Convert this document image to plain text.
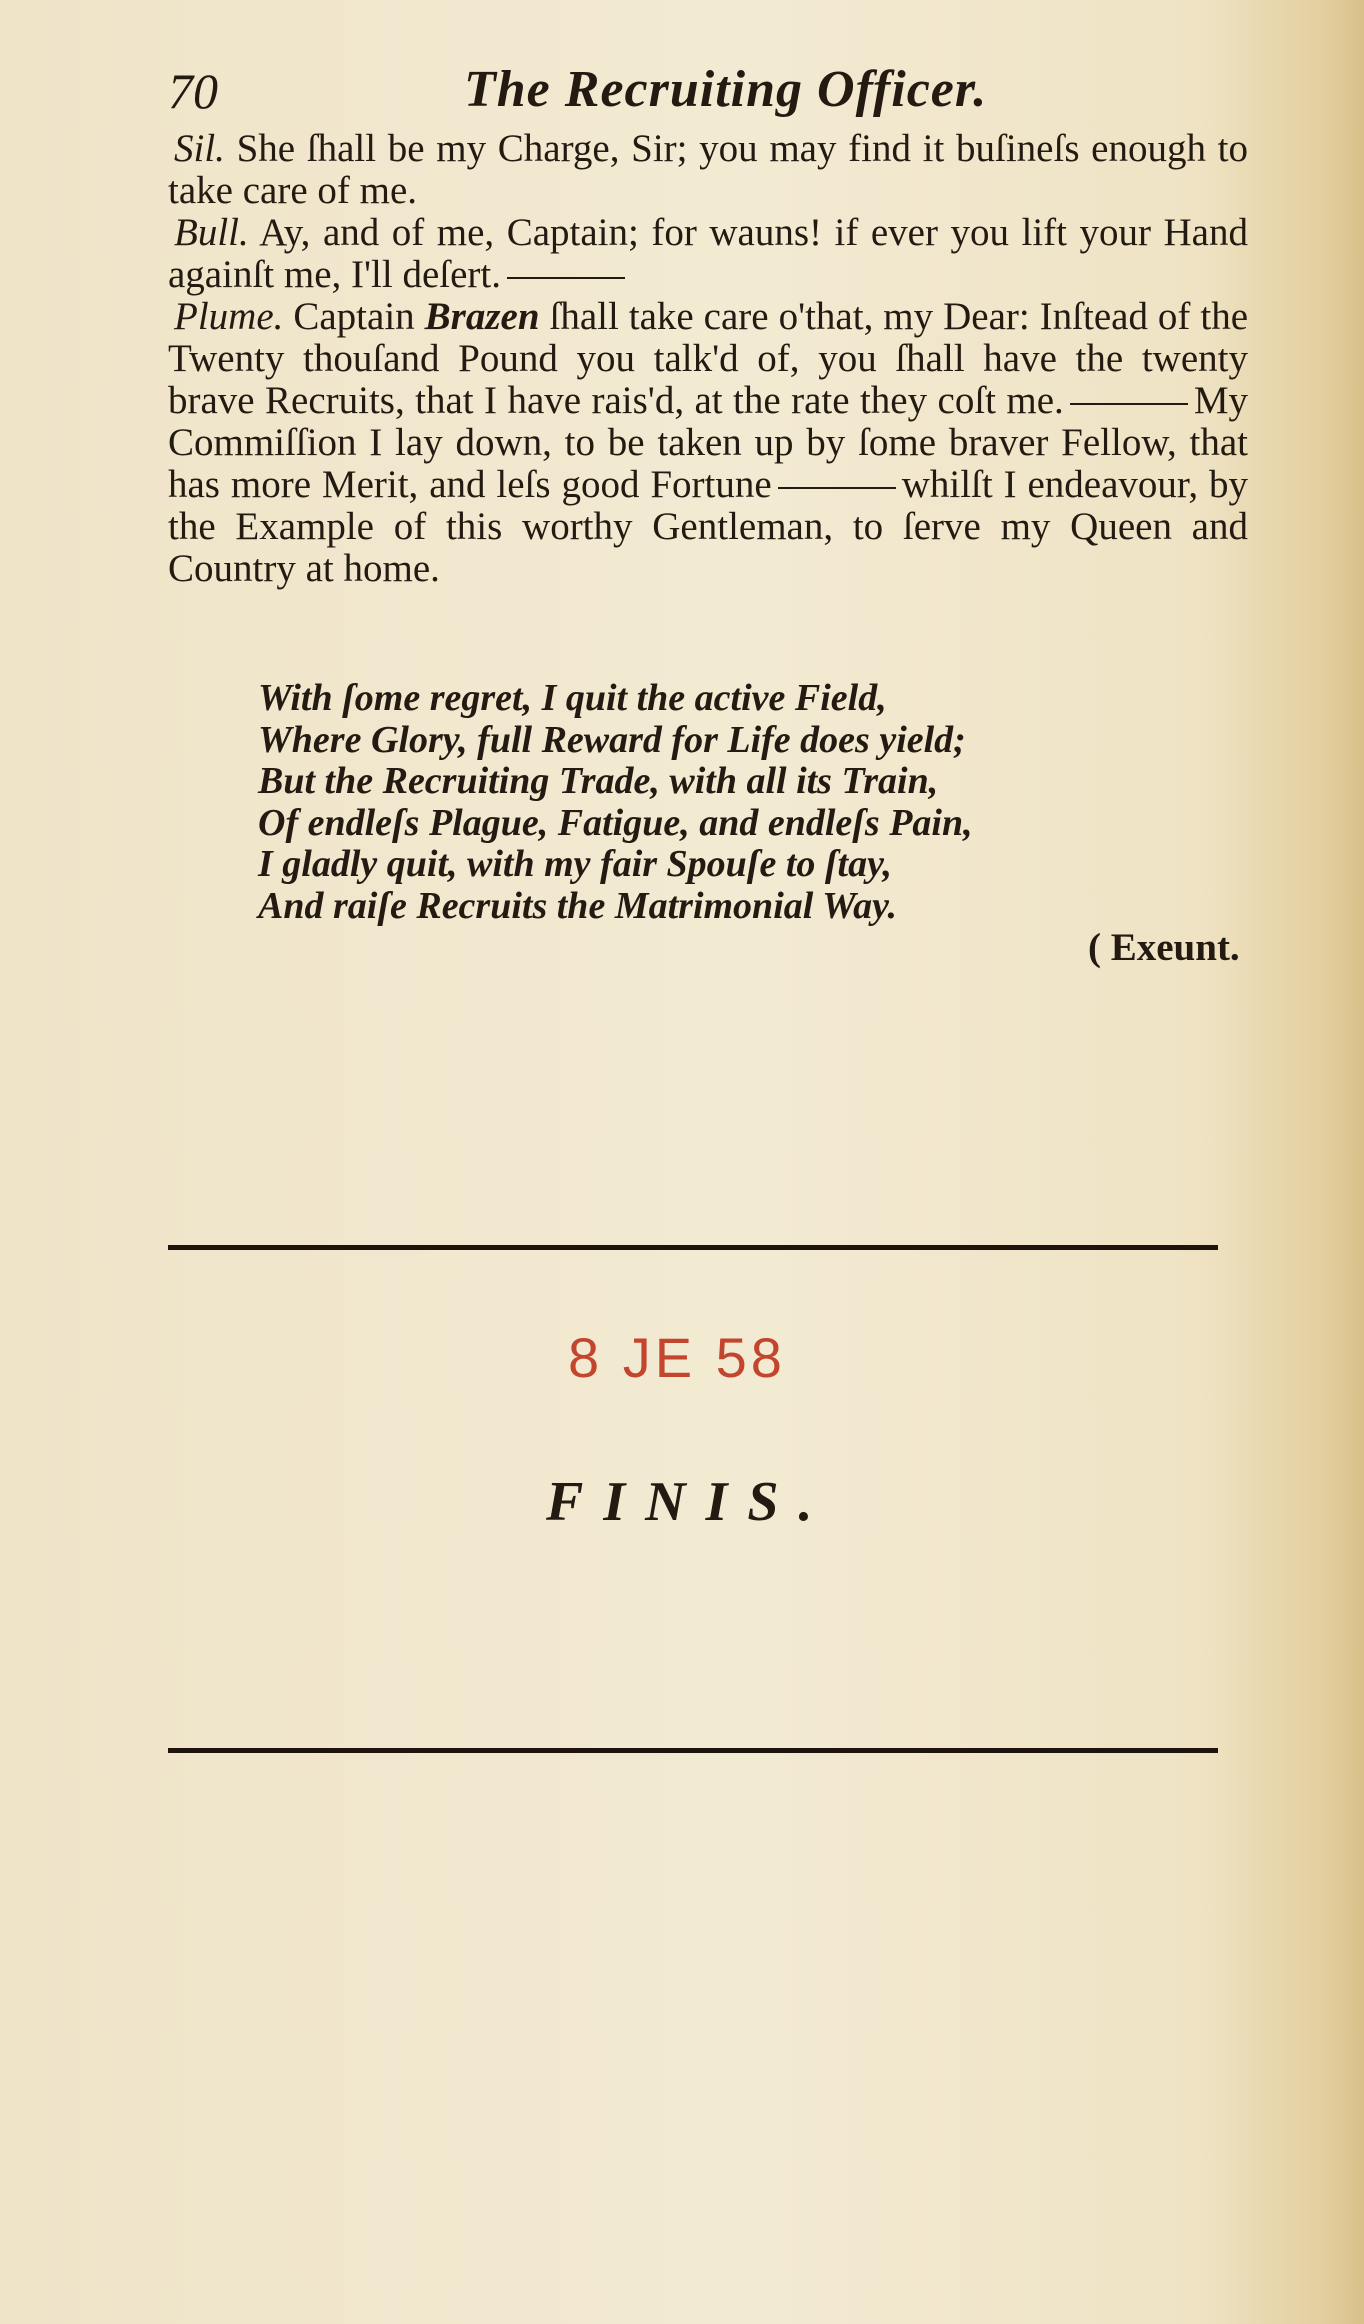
70	The Recruiting Officer.

Sil. She ſhall be my Charge, Sir; you may find it buſineſs enough to take care of me.

Bull. Ay, and of me, Captain; for wauns! if ever you lift your Hand againſt me, I'll deſert.

Plume. Captain Brazen ſhall take care o'that, my Dear: Inſtead of the Twenty thouſand Pound you talk'd of, you ſhall have the twenty brave Recruits, that I have rais'd, at the rate they coſt me.	My Commiſſion I lay down, to be taken up by ſome braver Fellow, that has more Merit, and leſs good Fortune	whilſt I endeavour, by the Example of this worthy Gentleman, to ſerve my Queen and Country at home.

With ſome regret, I quit the active Field,
Where Glory, full Reward for Life does yield;
But the Recruiting Trade, with all its Train,
Of endleſs Plague, Fatigue, and endleſs Pain,
I gladly quit, with my fair Spouſe to ſtay,
And raiſe Recruits the Matrimonial Way.
( Exeunt.
8 JE 58
FINIS.
